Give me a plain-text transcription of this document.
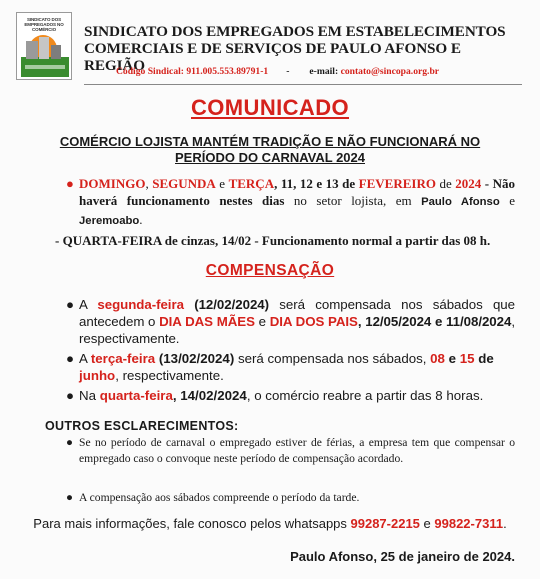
SINDICATO DOS EMPREGADOS NO COMÉRCIO	SINDICATO DOS EMPREGADOS EM ESTABELECIMENTOS
COMERCIAIS E DE SERVIÇOS DE PAULO AFONSO E REGIÃO
Código Sindical: 911.005.553.89791-1 - e-mail: contato@sincopa.org.br
COMUNICADO
COMÉRCIO LOJISTA MANTÉM TRADIÇÃO E NÃO FUNCIONARÁ NO PERÍODO DO CARNAVAL 2024
● DOMINGO, SEGUNDA e TERÇA, 11, 12 e 13 de FEVEREIRO de 2024 - Não haverá funcionamento nestes dias no setor lojista, em Paulo Afonso e Jeremoabo.
- QUARTA-FEIRA de cinzas, 14/02 - Funcionamento normal a partir das 08 h.
COMPENSAÇÃO
● A segunda-feira (12/02/2024) será compensada nos sábados que antecedem o DIA DAS MÃES e DIA DOS PAIS, 12/05/2024 e 11/08/2024, respectivamente.
● A terça-feira (13/02/2024) será compensada nos sábados, 08 e 15 de junho, respectivamente.
● Na quarta-feira, 14/02/2024, o comércio reabre a partir das 8 horas.
OUTROS ESCLARECIMENTOS:
● Se no período de carnaval o empregado estiver de férias, a empresa tem que compensar o empregado caso o convoque neste período de compensação acordado.
● A compensação aos sábados compreende o período da tarde.
Para mais informações, fale conosco pelos whatsapps 99287-2215 e 99822-7311.
Paulo Afonso, 25 de janeiro de 2024.
